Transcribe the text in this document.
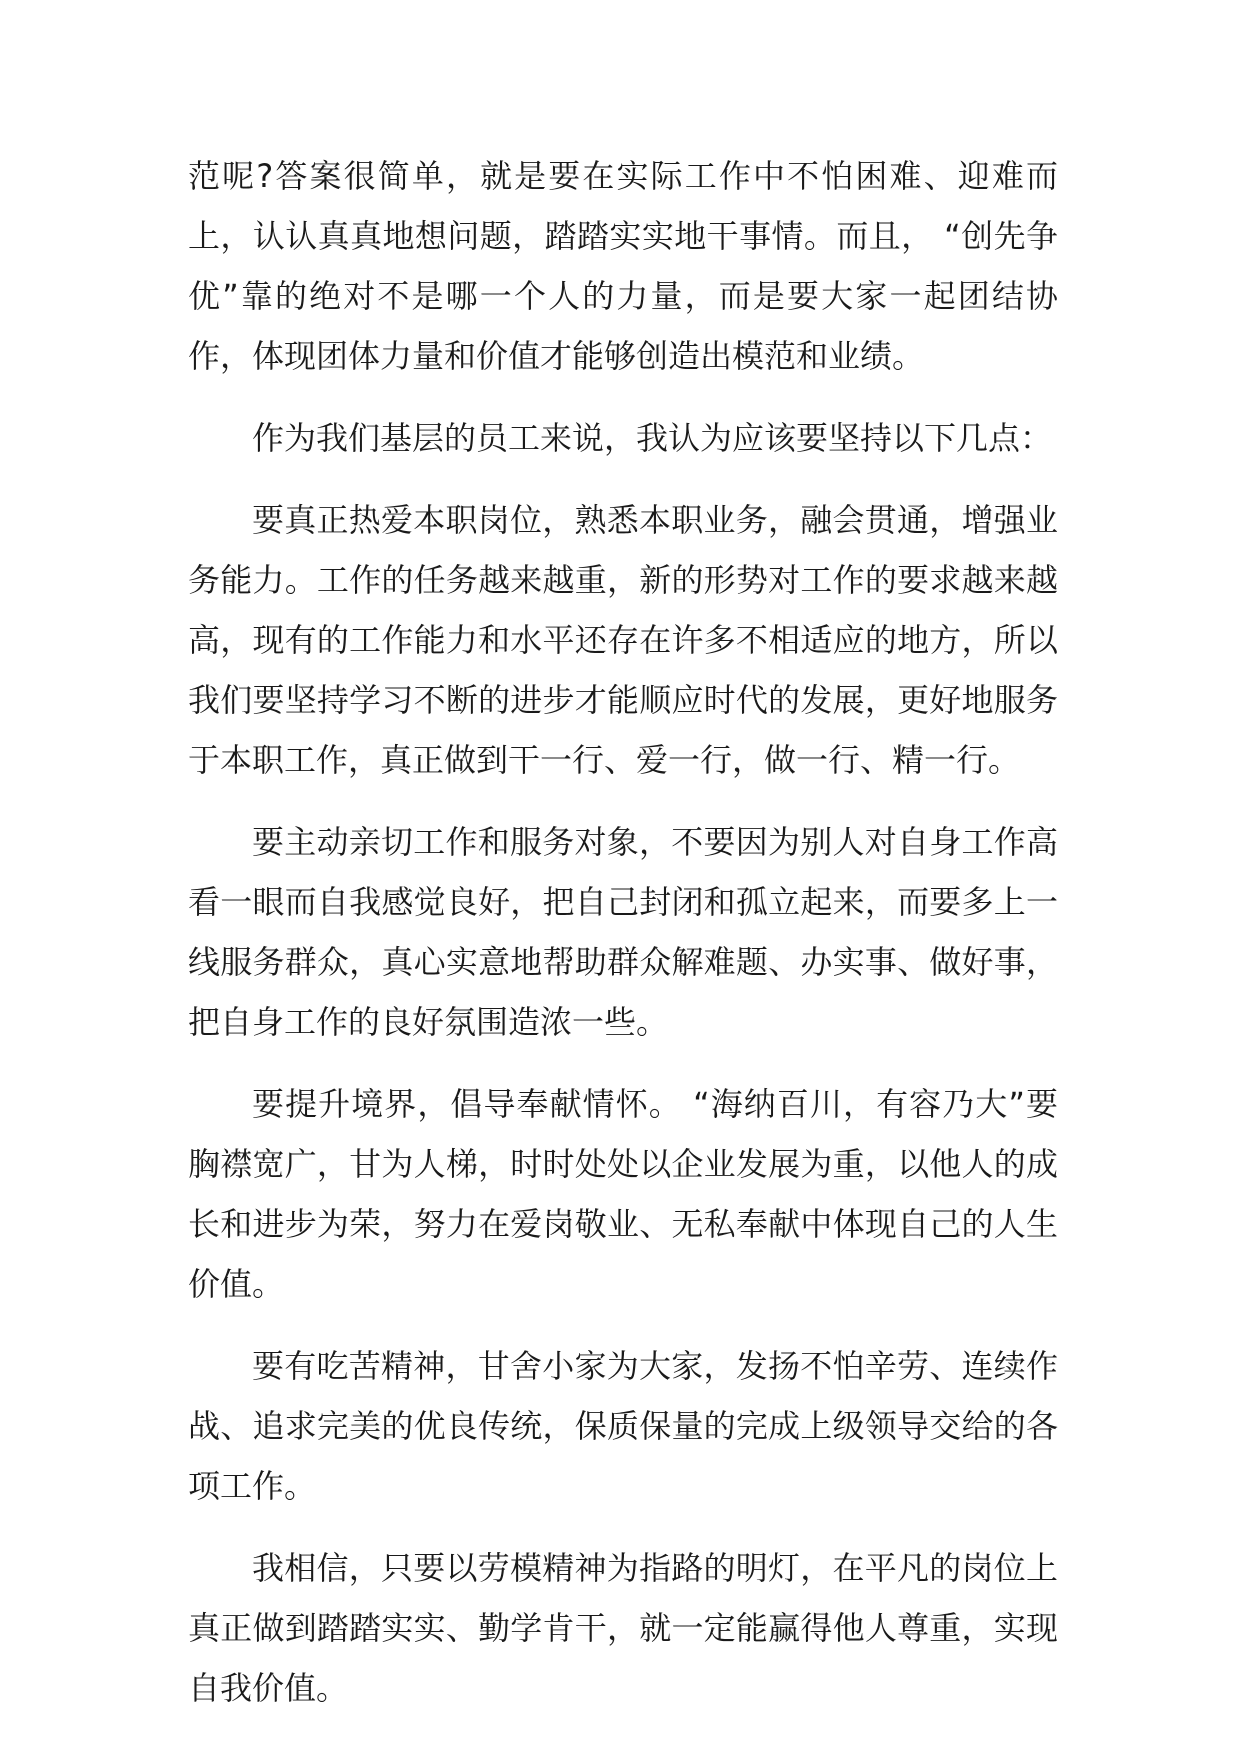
范呢?答案很简单，就是要在实际工作中不怕困难、迎难而上，认认真真地想问题，踏踏实实地干事情。而且， “创先争优”靠的绝对不是哪一个人的力量，而是要大家一起团结协作，体现团体力量和价值才能够创造出模范和业绩。

作为我们基层的员工来说，我认为应该要坚持以下几点：

要真正热爱本职岗位，熟悉本职业务，融会贯通，增强业务能力。工作的任务越来越重，新的形势对工作的要求越来越高，现有的工作能力和水平还存在许多不相适应的地方，所以我们要坚持学习不断的进步才能顺应时代的发展，更好地服务于本职工作，真正做到干一行、爱一行，做一行、精一行。

要主动亲切工作和服务对象，不要因为别人对自身工作高看一眼而自我感觉良好，把自己封闭和孤立起来，而要多上一线服务群众，真心实意地帮助群众解难题、办实事、做好事，把自身工作的良好氛围造浓一些。

要提升境界，倡导奉献情怀。 “海纳百川，有容乃大”要胸襟宽广，甘为人梯，时时处处以企业发展为重，以他人的成长和进步为荣，努力在爱岗敬业、无私奉献中体现自己的人生价值。

要有吃苦精神，甘舍小家为大家，发扬不怕辛劳、连续作战、追求完美的优良传统，保质保量的完成上级领导交给的各项工作。

我相信，只要以劳模精神为指路的明灯，在平凡的岗位上真正做到踏踏实实、勤学肯干，就一定能赢得他人尊重，实现自我价值。
